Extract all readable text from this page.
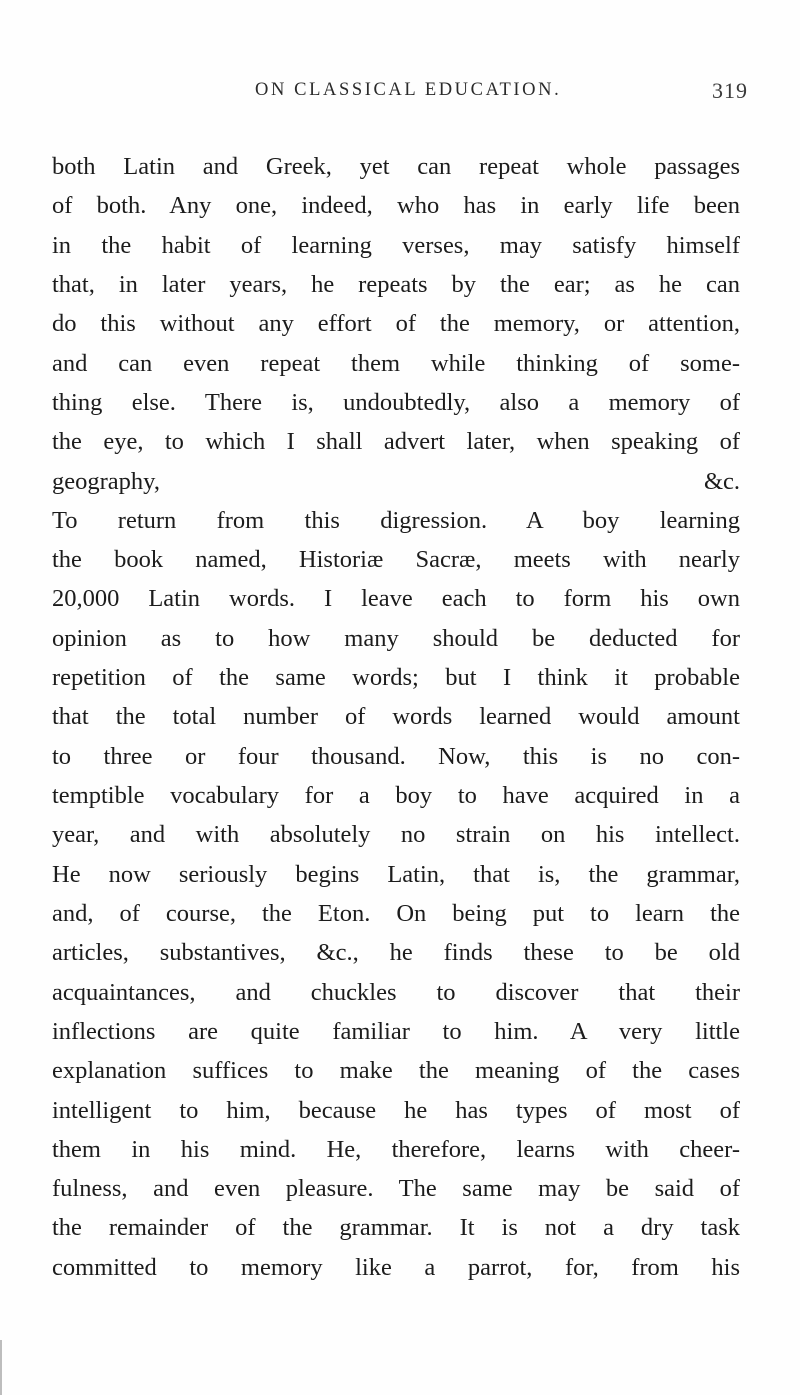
ON CLASSICAL EDUCATION.	319
both Latin and Greek, yet can repeat whole passages
of both. Any one, indeed, who has in early life been
in the habit of learning verses, may satisfy himself
that, in later years, he repeats by the ear; as he can
do this without any effort of the memory, or attention,
and can even repeat them while thinking of some-
thing else. There is, undoubtedly, also a memory of
the eye, to which I shall advert later, when speaking of
geography, &c.
To return from this digression. A boy learning
the book named, Historiæ Sacræ, meets with nearly
20,000 Latin words. I leave each to form his own
opinion as to how many should be deducted for
repetition of the same words; but I think it probable
that the total number of words learned would amount
to three or four thousand. Now, this is no con-
temptible vocabulary for a boy to have acquired in a
year, and with absolutely no strain on his intellect.
He now seriously begins Latin, that is, the grammar,
and, of course, the Eton. On being put to learn the
articles, substantives, &c., he finds these to be old
acquaintances, and chuckles to discover that their
inflections are quite familiar to him. A very little
explanation suffices to make the meaning of the cases
intelligent to him, because he has types of most of
them in his mind. He, therefore, learns with cheer-
fulness, and even pleasure. The same may be said of
the remainder of the grammar. It is not a dry task
committed to memory like a parrot, for, from his
